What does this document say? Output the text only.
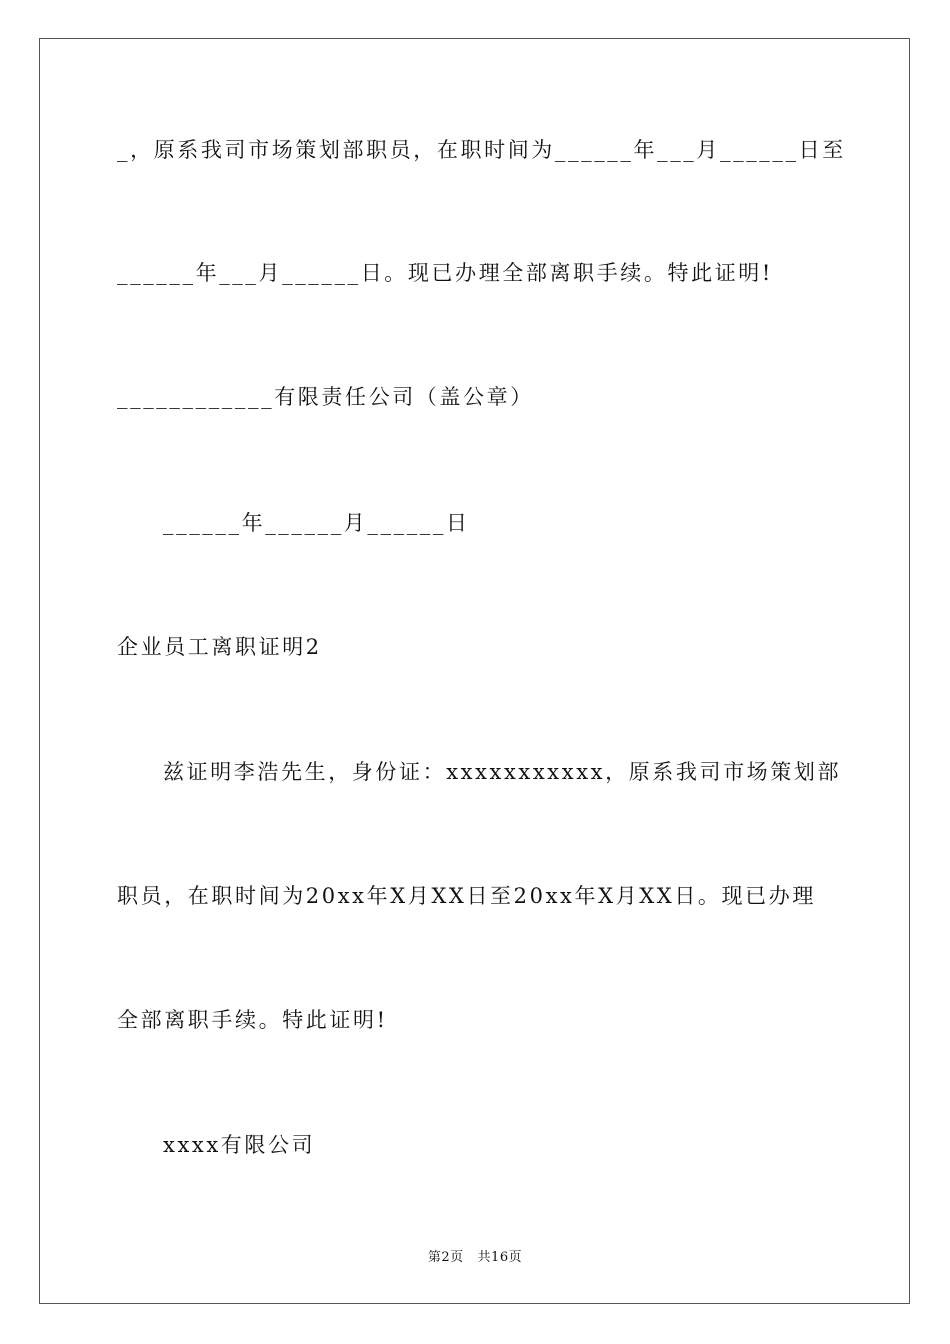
_，原系我司市场策划部职员，在职时间为______年___月______日至
______年___月______日。现已办理全部离职手续。特此证明!
____________有限责任公司（盖公章）
______年______月______日
企业员工离职证明2
兹证明李浩先生，身份证：xxxxxxxxxxx，原系我司市场策划部
职员，在职时间为20xx年X月XX日至20xx年X月XX日。现已办理
全部离职手续。特此证明!
xxxx有限公司
第2页   共16页
